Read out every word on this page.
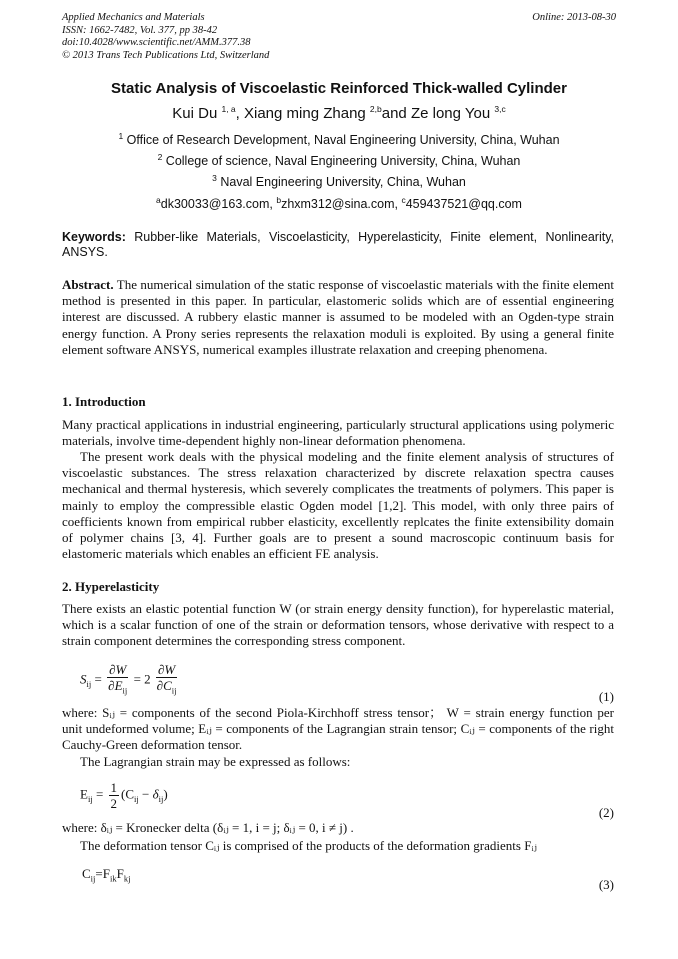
Applied Mechanics and Materials
ISSN: 1662-7482, Vol. 377, pp 38-42
doi:10.4028/www.scientific.net/AMM.377.38
© 2013 Trans Tech Publications Ltd, Switzerland
Online: 2013-08-30
Static Analysis of Viscoelastic Reinforced Thick-walled Cylinder
Kui Du $^{1, a}$, Xiang ming Zhang $^{2,b}$and Ze long You $^{3,c}$
$^1$ Office of Research Development, Naval Engineering University, China, Wuhan
$^2$ College of science, Naval Engineering University, China, Wuhan
$^3$ Naval Engineering University, China, Wuhan
$^a$dk30033@163.com, $^b$zhxm312@sina.com, $^c$459437521@qq.com
Keywords: Rubber-like Materials, Viscoelasticity, Hyperelasticity, Finite element, Nonlinearity, ANSYS.
Abstract. The numerical simulation of the static response of viscoelastic materials with the finite element method is presented in this paper. In particular, elastomeric solids which are of essential engineering interest are discussed. A rubbery elastic manner is assumed to be modeled with an Ogden-type strain energy function. A Prony series represents the relaxation moduli is exploited. By using a general finite element software ANSYS, numerical examples illustrate relaxation and creeping phenomena.
1. Introduction
Many practical applications in industrial engineering, particularly structural applications using polymeric materials, involve time-dependent highly non-linear deformation phenomena.
The present work deals with the physical modeling and the finite element analysis of structures of viscoelastic substances. The stress relaxation characterized by discrete relaxation spectra causes mechanical and thermal hysteresis, which severely complicates the treatments of polymers. This paper is mainly to employ the compressible elastic Ogden model [1,2]. This model, with only three pairs of coefficients known from empirical rubber elasticity, excellently replcates the finite extensibility domain of polymer chains [3, 4]. Further goals are to present a sound macroscopic continuum basis for elastomeric materials which enables an efficient FE analysis.
2. Hyperelasticity
There exists an elastic potential function W (or strain energy density function), for hyperelastic material, which is a scalar function of one of the strain or deformation tensors, whose derivative with respect to a strain component determines the corresponding stress component.
$S_{ij} = \frac{\partial W}{\partial E_{ij}} = 2 \frac{\partial W}{\partial C_{ij}}$	(1)
where: Sᵢⱼ = components of the second Piola-Kirchhoff stress tensor； W = strain energy function per unit undeformed volume; Eᵢⱼ = components of the Lagrangian strain tensor; Cᵢⱼ = components of the right Cauchy-Green deformation tensor.
The Lagrangian strain may be expressed as follows:
$E_{ij} = \frac{1}{2} (C_{ij} - \delta_{ij})$
(2)
where: δᵢⱼ = Kronecker delta (δᵢⱼ = 1, i = j; δᵢⱼ = 0, i ≠ j) .
The deformation tensor Cᵢⱼ is comprised of the products of the deformation gradients Fᵢⱼ
$C_{ij}=F_{ik}F_{kj}$	(3)
